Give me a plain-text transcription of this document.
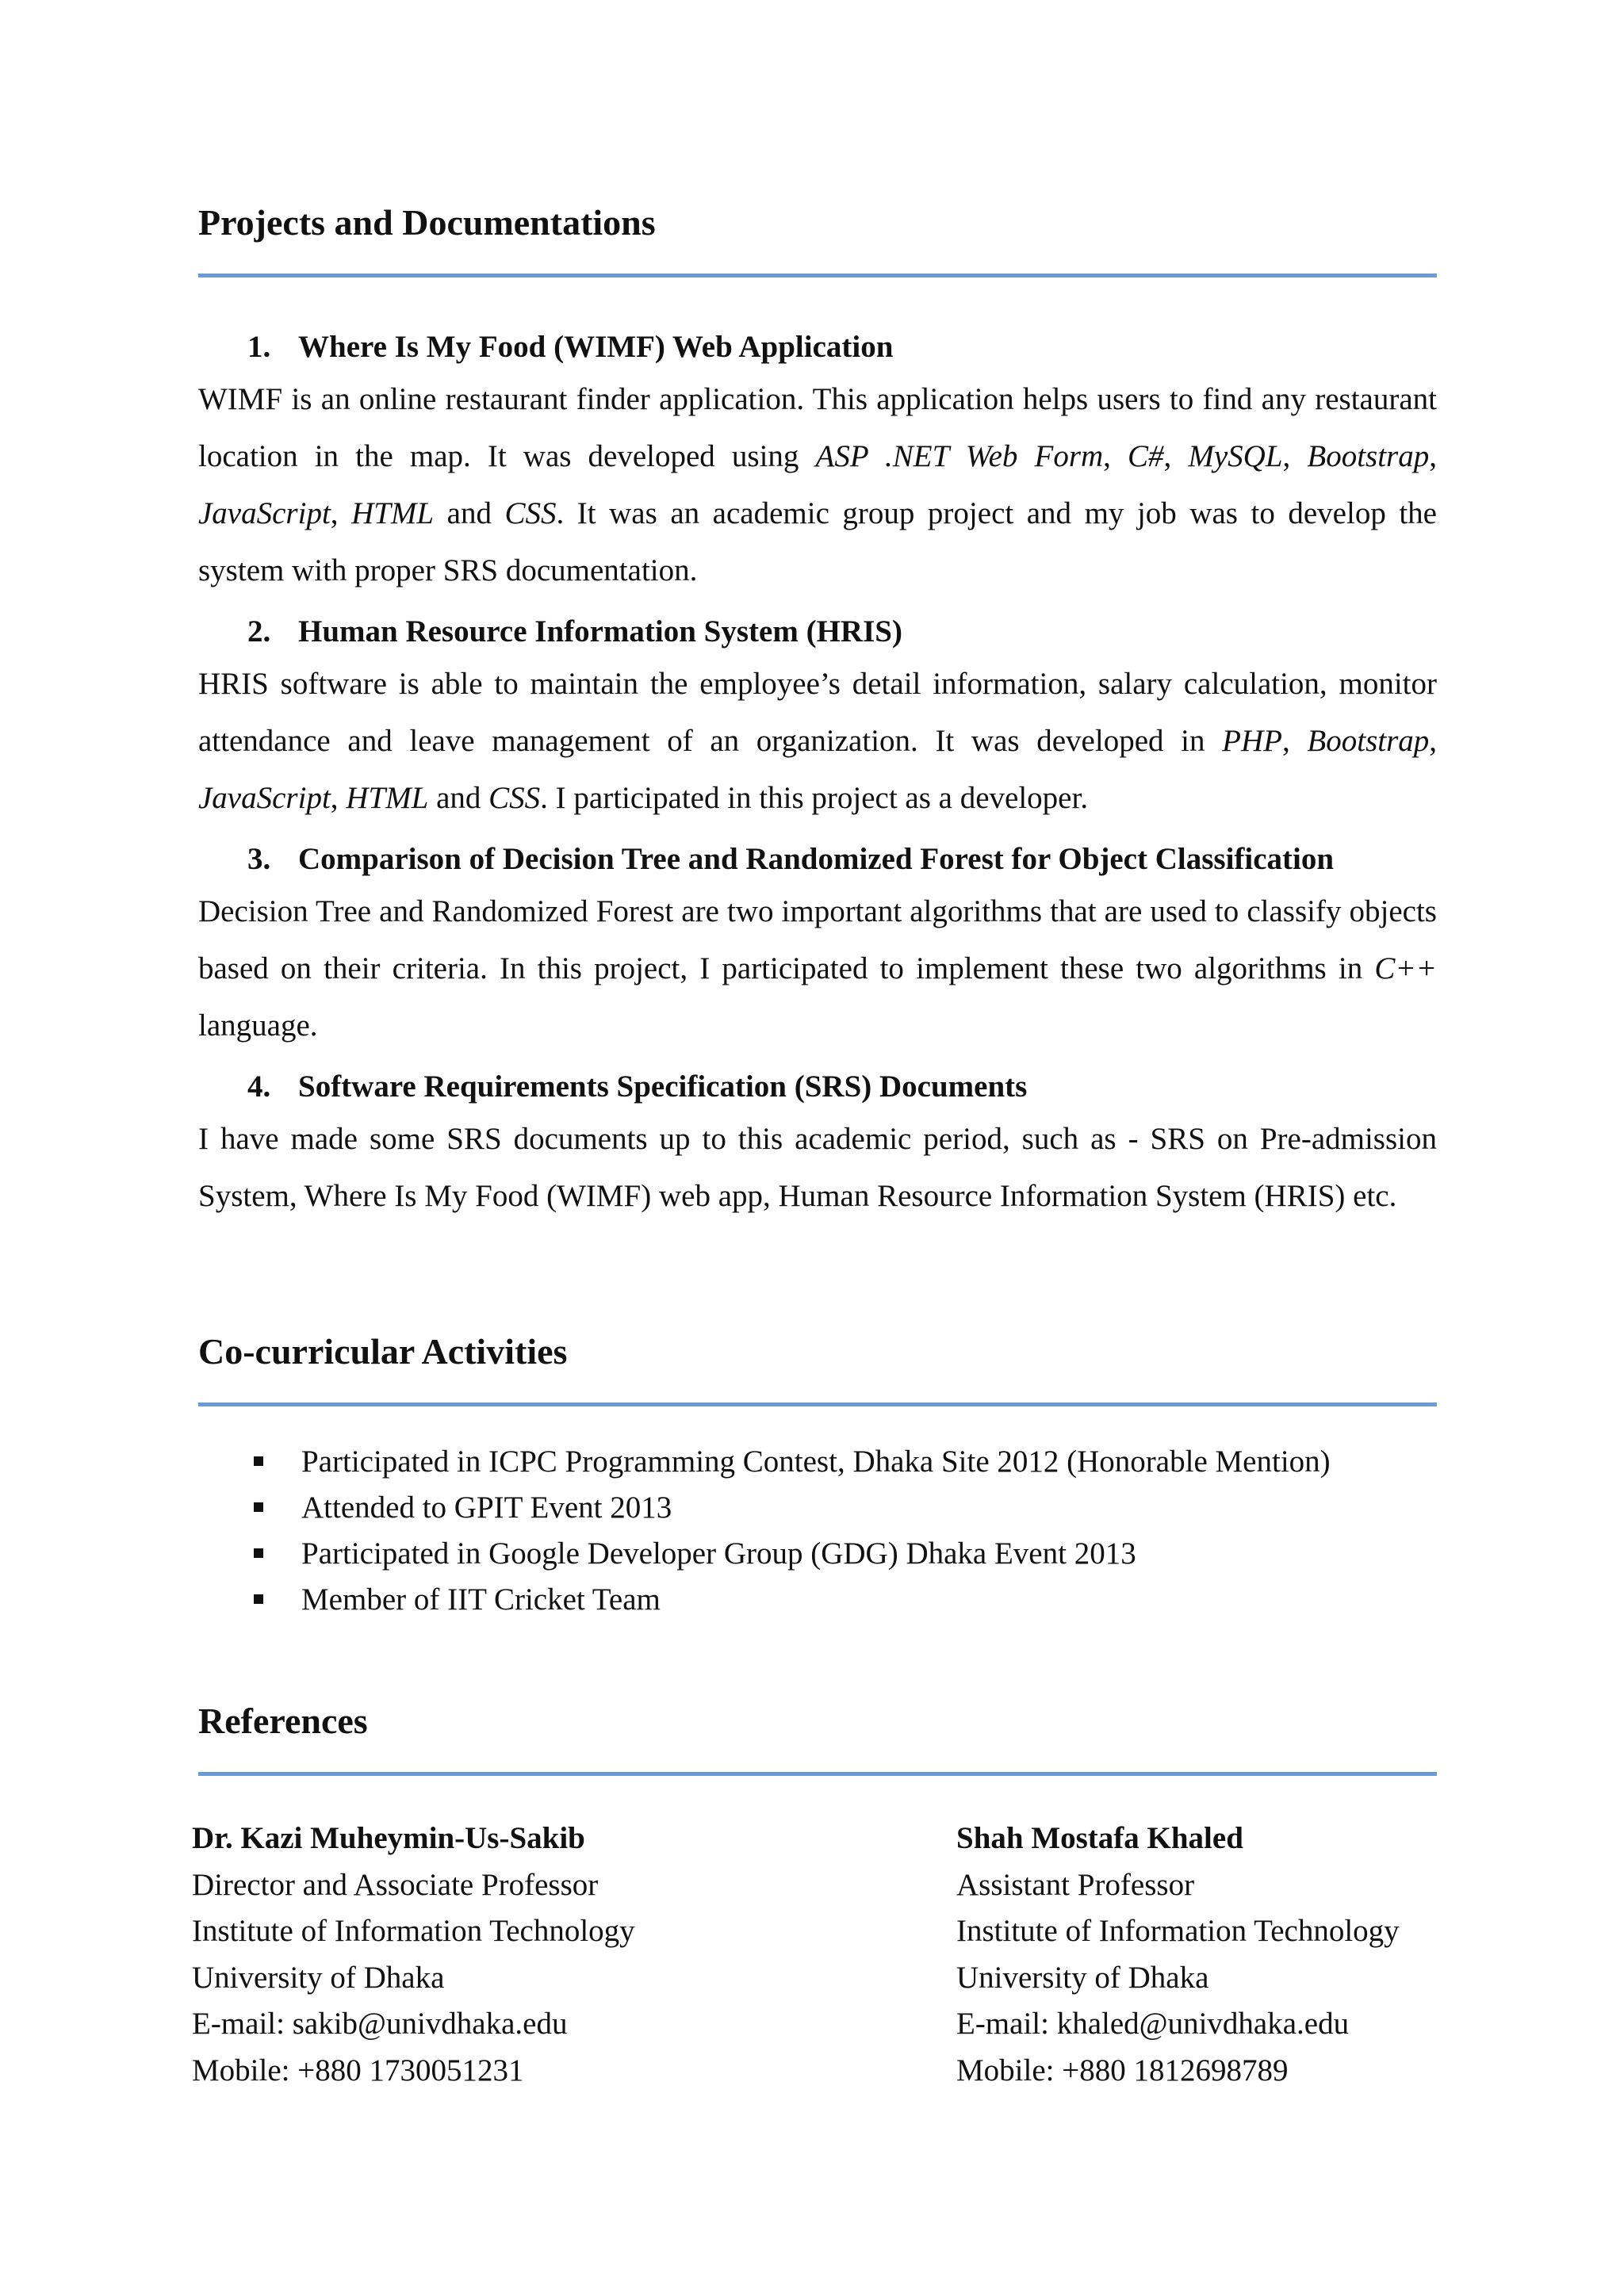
Projects and Documentations
1. Where Is My Food (WIMF) Web Application

WIMF is an online restaurant finder application. This application helps users to find any restaurant location in the map. It was developed using ASP .NET Web Form, C#, MySQL, Bootstrap, JavaScript, HTML and CSS. It was an academic group project and my job was to develop the system with proper SRS documentation.

2. Human Resource Information System (HRIS)

HRIS software is able to maintain the employee’s detail information, salary calculation, monitor attendance and leave management of an organization. It was developed in PHP, Bootstrap, JavaScript, HTML and CSS. I participated in this project as a developer.

3. Comparison of Decision Tree and Randomized Forest for Object Classification

Decision Tree and Randomized Forest are two important algorithms that are used to classify objects based on their criteria. In this project, I participated to implement these two algorithms in C++ language.

4. Software Requirements Specification (SRS) Documents

I have made some SRS documents up to this academic period, such as - SRS on Pre-admission System, Where Is My Food (WIMF) web app, Human Resource Information System (HRIS) etc.

Co-curricular Activities
Participated in ICPC Programming Contest, Dhaka Site 2012 (Honorable Mention)
Attended to GPIT Event 2013
Participated in Google Developer Group (GDG) Dhaka Event 2013
Member of IIT Cricket Team
References
Dr. Kazi Muheymin-Us-Sakib
Director and Associate Professor
Institute of Information Technology
University of Dhaka
E-mail: sakib@univdhaka.edu
Mobile: +880 1730051231
Shah Mostafa Khaled
Assistant Professor
Institute of Information Technology
University of Dhaka
E-mail: khaled@univdhaka.edu
Mobile: +880 1812698789
